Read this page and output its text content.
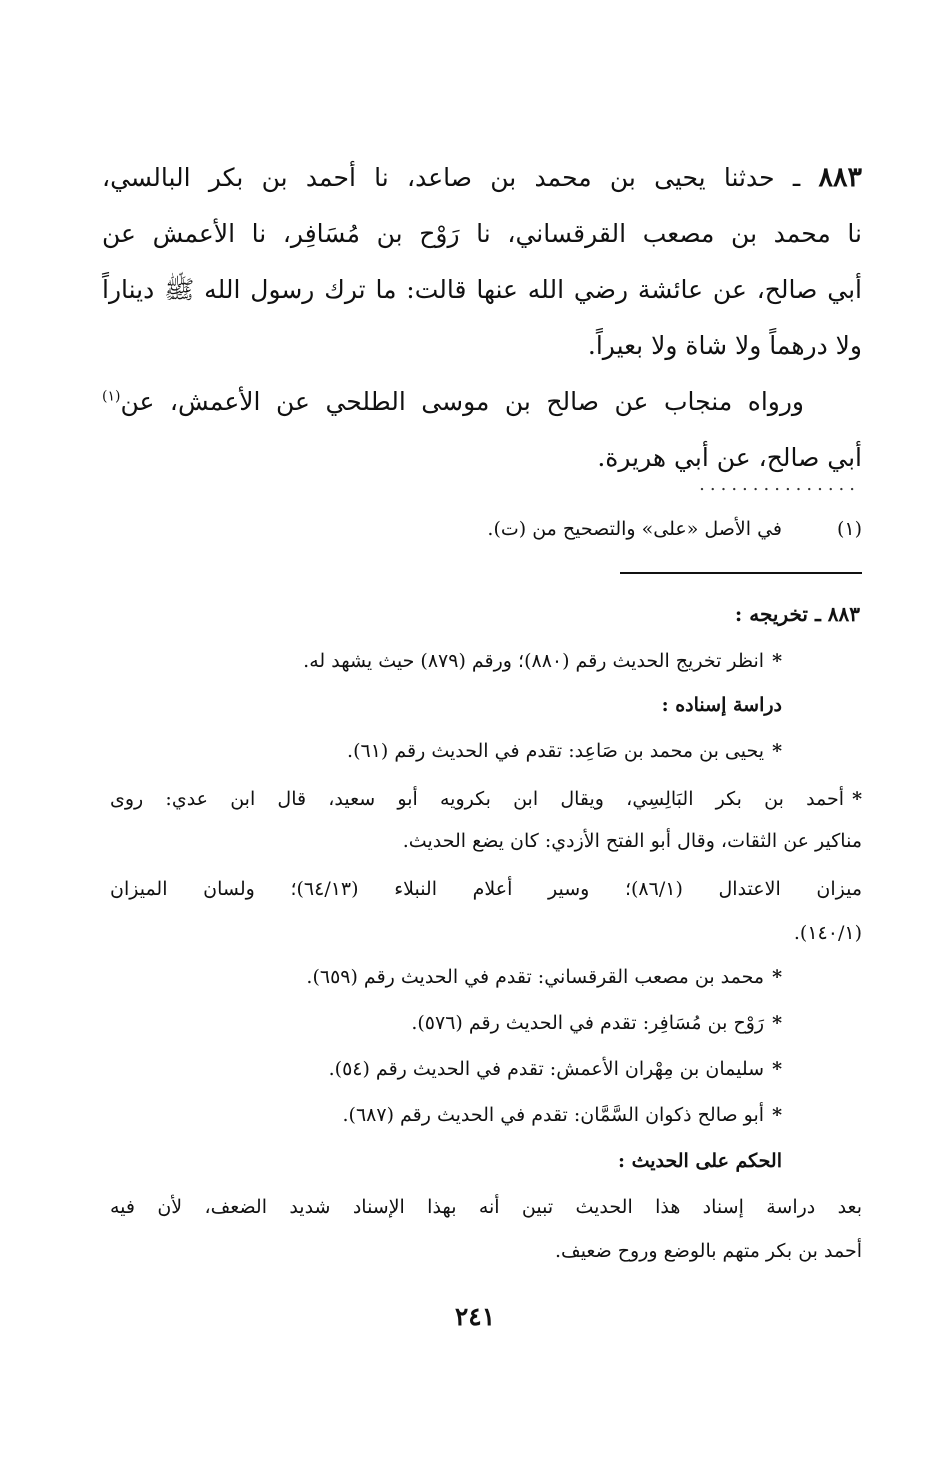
٨٨٣ ـ حدثنا يحيى بن محمد بن صاعد، نا أحمد بن بكر البالسي،
نا محمد بن مصعب القرقساني، نا رَوْح بن مُسَافِر، نا الأعمش عن
أبي صالح، عن عائشة رضي الله عنها قالت: ما ترك رسول الله ﷺ ديناراً
ولا درهماً ولا شاة ولا بعيراً.
ورواه منجاب عن صالح بن موسى الطلحي عن الأعمش، عن$^{(١)}$
أبي صالح، عن أبي هريرة.
...............
(١)في الأصل «على» والتصحيح من (ت).
٨٨٣ ـ تخريجه :
*انظر تخريج الحديث رقم (٨٨٠)؛ ورقم (٨٧٩) حيث يشهد له.
دراسة إسناده :
*يحيى بن محمد بن صَاعِد: تقدم في الحديث رقم (٦١).
*أحمد بن بكر البَالِسِي، ويقال ابن بكرويه أبو سعيد، قال ابن عدي: روى
مناكير عن الثقات، وقال أبو الفتح الأزدي: كان يضع الحديث.
ميزان الاعتدال (٨٦/١)؛ وسير أعلام النبلاء (٦٤/١٣)؛ ولسان الميزان
(١٤٠/١).
*محمد بن مصعب القرقساني: تقدم في الحديث رقم (٦٥٩).
*رَوْح بن مُسَافِر: تقدم في الحديث رقم (٥٧٦).
*سليمان بن مِهْران الأعمش: تقدم في الحديث رقم (٥٤).
*أبو صالح ذكوان السَّمَّان: تقدم في الحديث رقم (٦٨٧).
الحكم على الحديث :
بعد دراسة إسناد هذا الحديث تبين أنه بهذا الإسناد شديد الضعف، لأن فيه
أحمد بن بكر متهم بالوضع وروح ضعيف.
٢٤١
